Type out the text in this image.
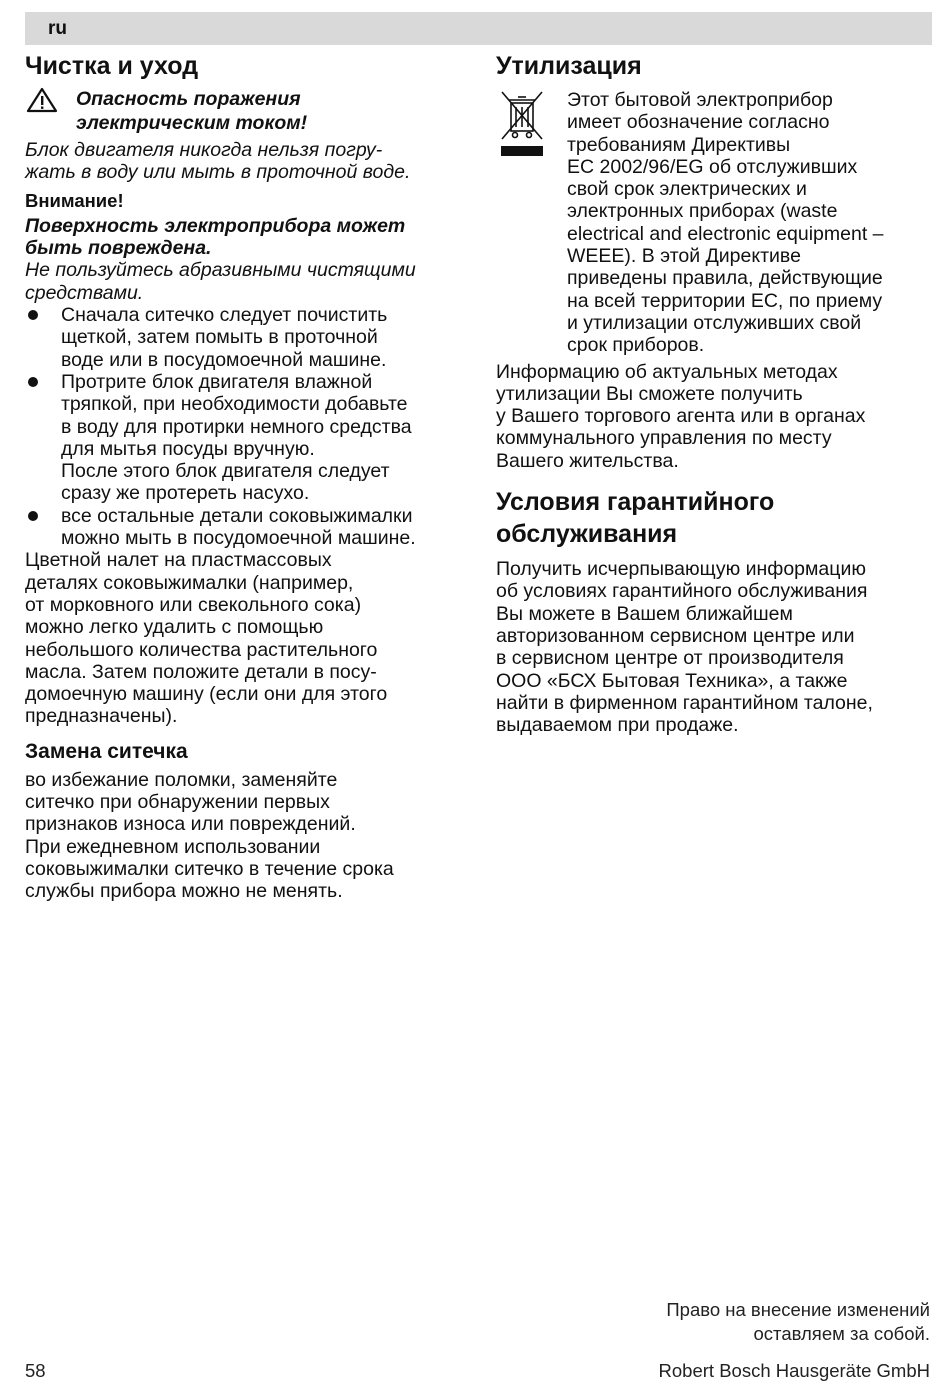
ru
Чистка и уход
Опасность поражения
электрическим током!

Блок двигателя никогда нельзя погру-

жать в воду или мыть в проточной воде.

Внимание!

Поверхность электроприбора может

быть повреждена.

Не пользуйтесь абразивными чистящими

средствами.

Сначала ситечко следует почистить
щеткой, затем помыть в проточной
воде или в посудомоечной машине.
Протрите блок двигателя влажной
тряпкой, при необходимости добавьте
в воду для протирки немного средства
для мытья посуды вручную.
После этого блок двигателя следует
сразу же протереть насухо.
все остальные детали соковыжималки
можно мыть в посудомоечной машине.

Цветной налет на пластмассовых

деталях соковыжималки (например,

от морковного или свекольного сока)

можно легко удалить с помощью

небольшого количества растительного

масла. Затем положите детали в посу-

домоечную машину (если они для этого

предназначены).

Замена ситечка

во избежание поломки, заменяйте

ситечко при обнаружении первых

признаков износа или повреждений.

При ежедневном использовании

соковыжималки ситечко в течение срока

службы прибора можно не менять.

Утилизация

Этот бытовой электроприбор

имеет обозначение согласно

требованиям Директивы

EC 2002/96/EG об отслуживших

свой срок электрических и

электронных приборах (waste

electrical and electronic equipment –

WEEE). В этой Директиве

приведены правила, действующие

на всей территории ЕС, по приему

и утилизации отслуживших свой

срок приборов.

Информацию об актуальных методах

утилизации Вы сможете получить

у Вашего торгового агента или в органах

коммунального управления по месту

Вашего жительства.

Условия гарантийного
обслуживания

Получить исчерпывающую информацию

об условиях гарантийного обслуживания

Вы можете в Вашем ближайшем

авторизованном сервисном центре или

в сервисном центре от производителя

ООО «БСХ Бытовая Техника», а также

найти в фирменном гарантийном талоне,

выдаваемом при продаже.

Право на внесение изменений
оставляем за собой.
58	Robert Bosch Hausgeräte GmbH
